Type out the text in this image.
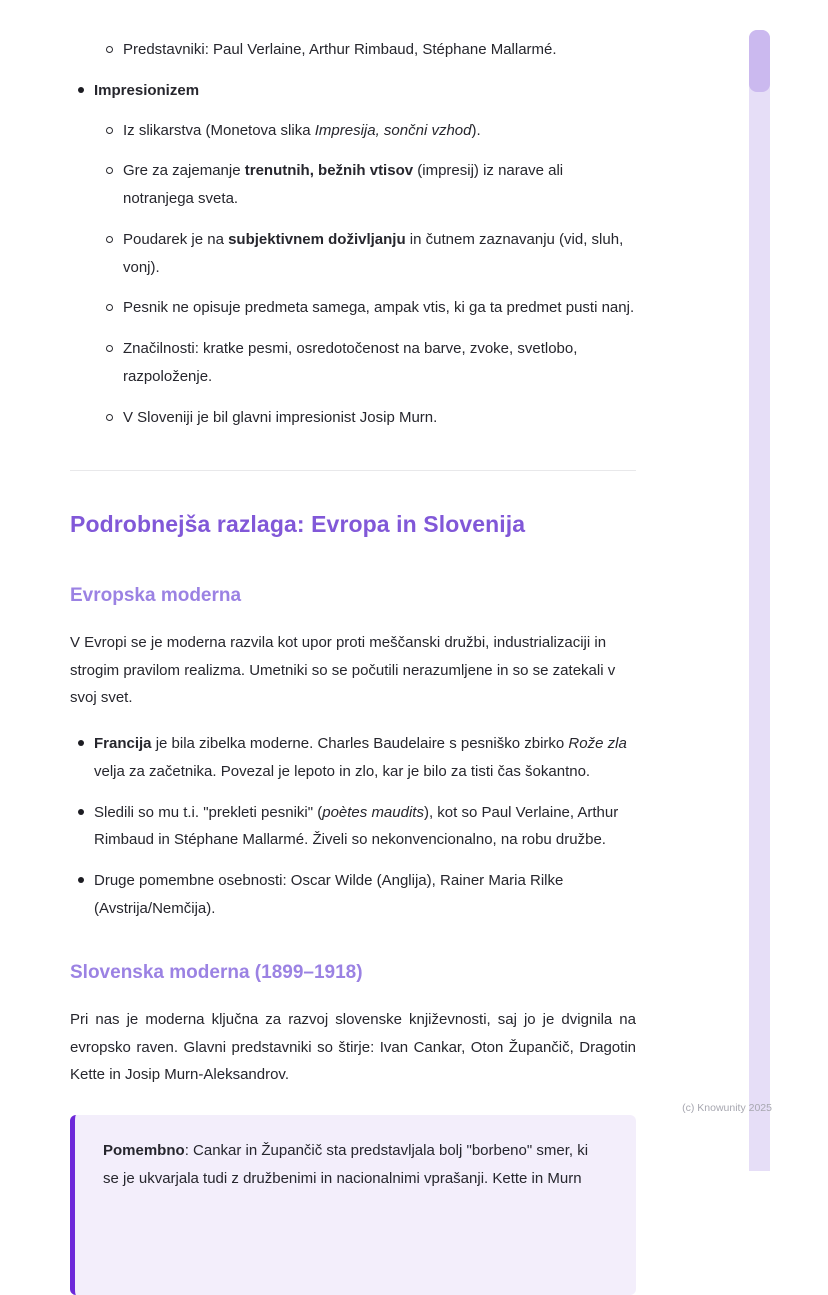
Predstavniki: Paul Verlaine, Arthur Rimbaud, Stéphane Mallarmé.
Impresionizem
Iz slikarstva (Monetova slika Impresija, sončni vzhod).
Gre za zajemanje trenutnih, bežnih vtisov (impresij) iz narave ali notranjega sveta.
Poudarek je na subjektivnem doživljanju in čutnem zaznavanju (vid, sluh, vonj).
Pesnik ne opisuje predmeta samega, ampak vtis, ki ga ta predmet pusti nanj.
Značilnosti: kratke pesmi, osredotočenost na barve, zvoke, svetlobo, razpoloženje.
V Sloveniji je bil glavni impresionist Josip Murn.
Podrobnejša razlaga: Evropa in Slovenija
Evropska moderna

V Evropi se je moderna razvila kot upor proti meščanski družbi, industrializaciji in strogim pravilom realizma. Umetniki so se počutili nerazumljene in so se zatekali v svoj svet.

Francija je bila zibelka moderne. Charles Baudelaire s pesniško zbirko Rože zla velja za začetnika. Povezal je lepoto in zlo, kar je bilo za tisti čas šokantno.
Sledili so mu t.i. "prekleti pesniki" (poètes maudits), kot so Paul Verlaine, Arthur Rimbaud in Stéphane Mallarmé. Živeli so nekonvencionalno, na robu družbe.
Druge pomembne osebnosti: Oscar Wilde (Anglija), Rainer Maria Rilke (Avstrija/Nemčija).
Slovenska moderna (1899–1918)

Pri nas je moderna ključna za razvoj slovenske književnosti, saj jo je dvignila na evropsko raven. Glavni predstavniki so štirje: Ivan Cankar, Oton Župančič, Dragotin Kette in Josip Murn-Aleksandrov.

Pomembno: Cankar in Župančič sta predstavljala bolj "borbeno" smer, ki se je ukvarjala tudi z družbenimi in nacionalnimi vprašanji. Kette in Murn
(c) Knowunity 2025
